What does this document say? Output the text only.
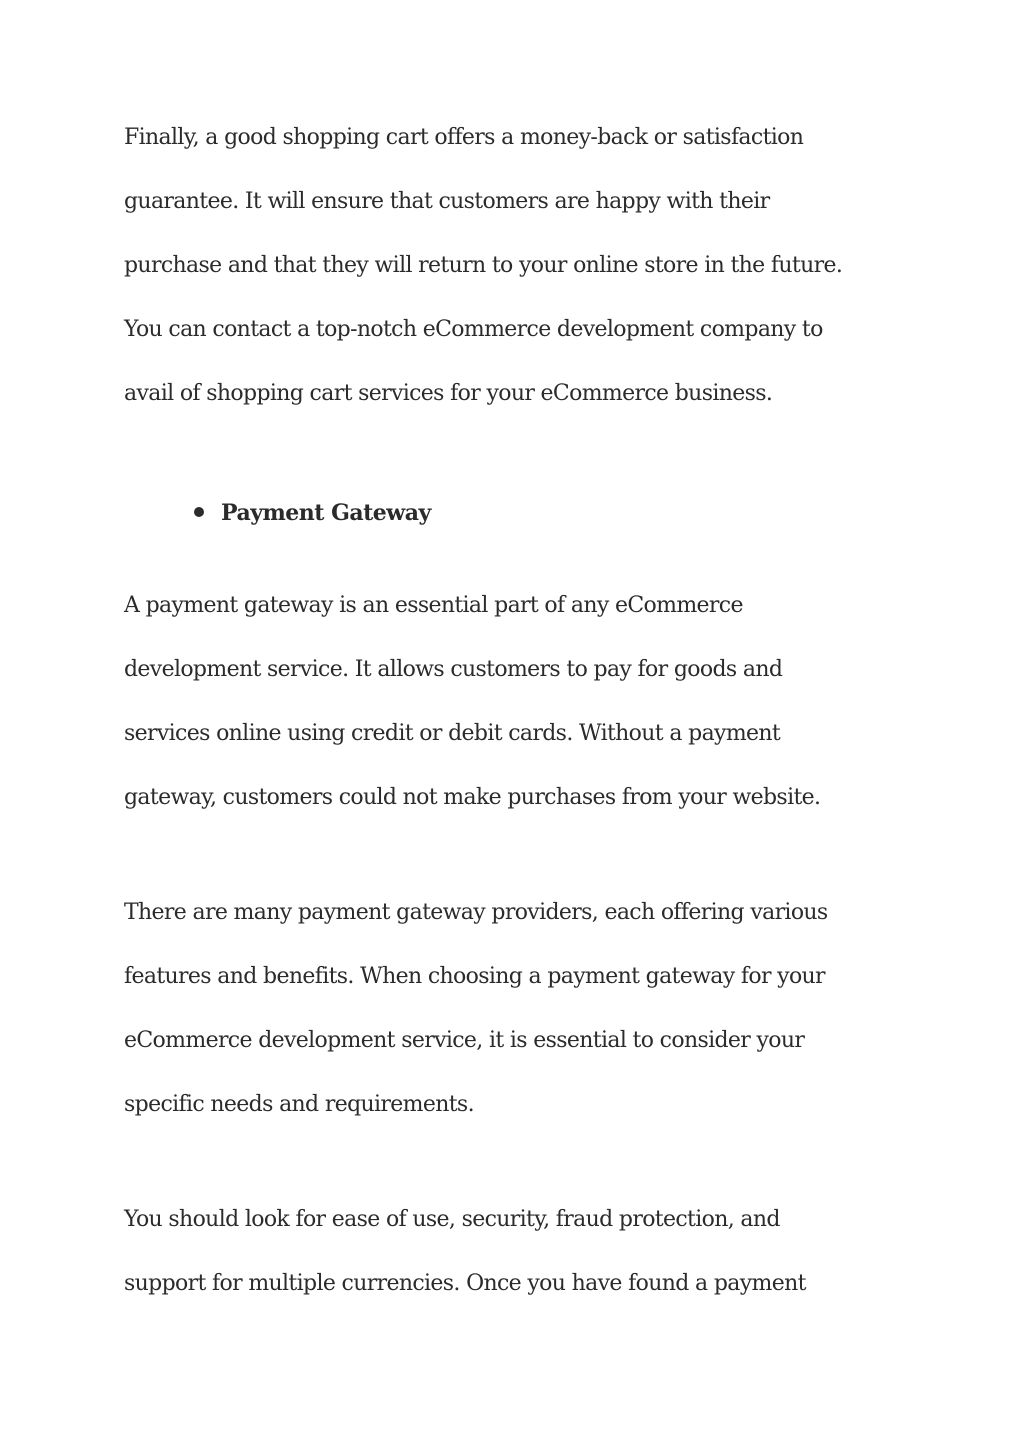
Finally, a good shopping cart offers a money-back or satisfaction
guarantee. It will ensure that customers are happy with their
purchase and that they will return to your online store in the future.
You can contact a top-notch eCommerce development company to
avail of shopping cart services for your eCommerce business.
Payment Gateway
A payment gateway is an essential part of any eCommerce
development service. It allows customers to pay for goods and
services online using credit or debit cards. Without a payment
gateway, customers could not make purchases from your website.
There are many payment gateway providers, each offering various
features and benefits. When choosing a payment gateway for your
eCommerce development service, it is essential to consider your
specific needs and requirements.
You should look for ease of use, security, fraud protection, and
support for multiple currencies. Once you have found a payment
